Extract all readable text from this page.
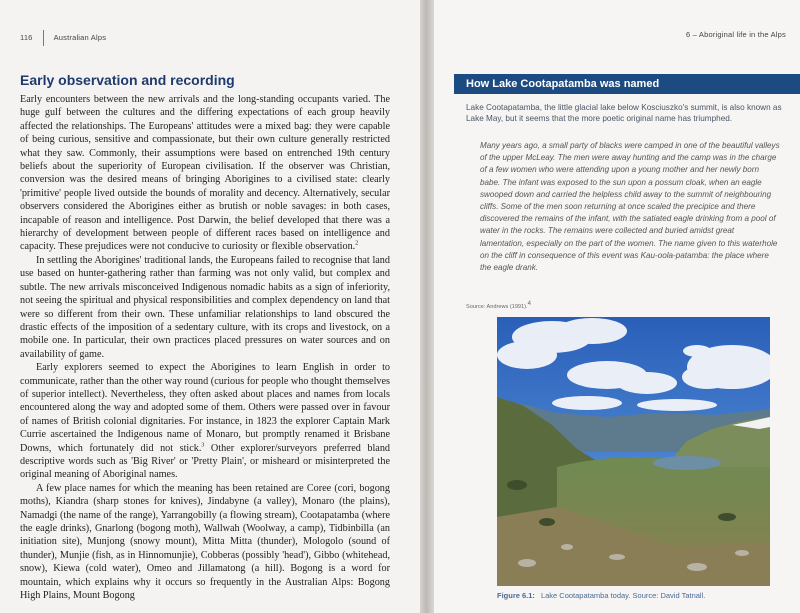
116	Australian Alps
Early observation and recording

Early encounters between the new arrivals and the long-standing occupants varied. The huge gulf between the cultures and the differing expectations of each group heavily affected the relationships. The Europeans' attitudes were a mixed bag: they were capable of being curious, sensitive and compassionate, but their own culture generally restricted what they saw. Commonly, their assumptions were based on entrenched 19th century beliefs about the superiority of European civilisation. If the observer was Christian, conversion was the desired means of bringing Aborigines to a civilised state: clearly 'primitive' people lived outside the bounds of morality and decency. Alternatively, secular observers considered the Aborigines either as brutish or noble savages: in both cases, incapable of reason and intelligence. Post Darwin, the belief developed that there was a hierarchy of development between people of different races based on intelligence and capacity. These prejudices were not conducive to curiosity or flexible observation.$^2$

In settling the Aborigines' traditional lands, the Europeans failed to recognise that land use based on hunter-gathering rather than farming was not only valid, but complex and subtle. The new arrivals misconceived Indigenous nomadic habits as a sign of inferiority, not seeing the spiritual and physical responsibilities and complex dependency on land that were so different from their own. These unfamiliar relationships to land obscured the drastic effects of the imposition of a sedentary culture, with its crops and livestock, on a mobile one. In particular, their own practices placed pressures on water sources and on availability of game.

Early explorers seemed to expect the Aborigines to learn English in order to communicate, rather than the other way round (curious for people who thought themselves of superior intellect). Nevertheless, they often asked about places and names from locals encountered along the way and adopted some of them. Others were passed over in favour of names of British colonial dignitaries. For instance, in 1823 the explorer Captain Mark Currie ascertained the Indigenous name of Monaro, but promptly renamed it Brisbane Downs, which fortunately did not stick.$^3$ Other explorer/surveyors preferred bland descriptive words such as 'Big River' or 'Pretty Plain', or misheard or misinterpreted the original meaning of Aboriginal names.

A few place names for which the meaning has been retained are Coree (cori, bogong moths), Kiandra (sharp stones for knives), Jindabyne (a valley), Monaro (the plains), Namadgi (the name of the range), Yarrangobilly (a flowing stream), Cootapatamba (where the eagle drinks), Gnarlong (bogong moth), Wallwah (Woolway, a camp), Tidbinbilla (an initiation site), Munjong (snowy mount), Mitta Mitta (thunder), Mologolo (sound of thunder), Munjie (fish, as in Hinnomunjie), Cobberas (possibly 'head'), Gibbo (whitehead, snow), Kiewa (cold water), Omeo and Jillamatong (a hill). Bogong is a word for mountain, which explains why it occurs so frequently in the Australian Alps: Bogong High Plains, Mount Bogong

6 – Aboriginal life in the Alps
How Lake Cootapatamba was named
Lake Cootapatamba, the little glacial lake below Kosciuszko's summit, is also known as Lake May, but it seems that the more poetic original name has triumphed.
Many years ago, a small party of blacks were camped in one of the beautiful valleys of the upper McLeay. The men were away hunting and the camp was in the charge of a few women who were attending upon a young mother and her newly born babe. The infant was exposed to the sun upon a possum cloak, when an eagle swooped down and carried the helpless child away to the summit of neighbouring cliffs. Some of the men soon returning at once scaled the precipice and there discovered the remains of the infant, with the satiated eagle drinking from a pool of water in the rocks. The remains were collected and buried amidst great lamentation, especially on the part of the women. The name given to this waterhole on the cliff in consequence of this event was Kau-oola-patamba: the place where the eagle drank.
Source: Andrews (1991).$^4$
Figure 6.1: Lake Cootapatamba today. Source: David Tatnall.
